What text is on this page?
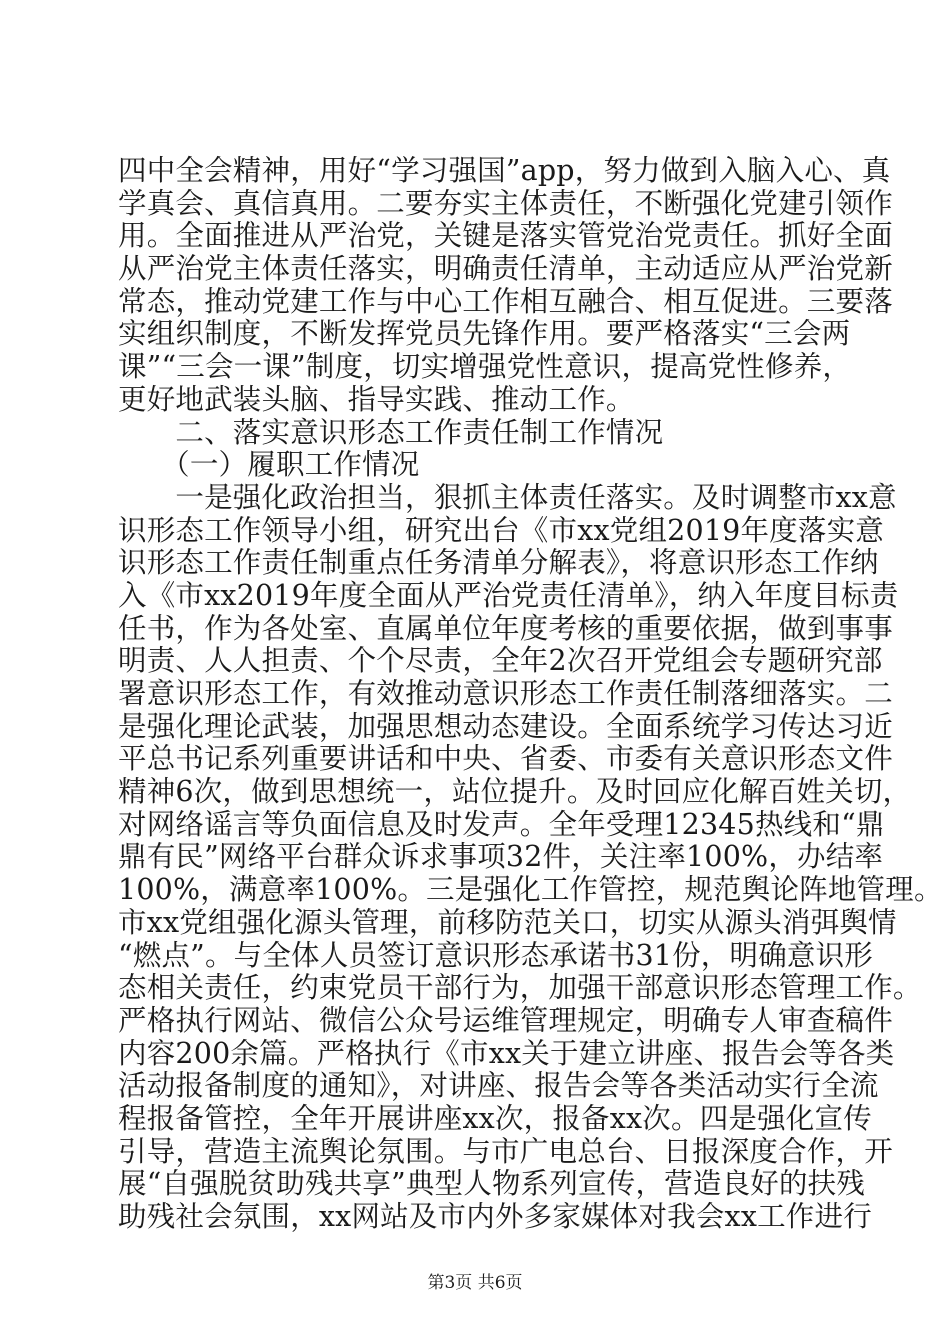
四中全会精神，用好“学习强国”app，努力做到入脑入心、真
学真会、真信真用。二要夯实主体责任，不断强化党建引领作
用。全面推进从严治党，关键是落实管党治党责任。抓好全面
从严治党主体责任落实，明确责任清单，主动适应从严治党新
常态，推动党建工作与中心工作相互融合、相互促进。三要落
实组织制度，不断发挥党员先锋作用。要严格落实“三会两
课”“三会一课”制度，切实增强党性意识，提高党性修养，
更好地武装头脑、指导实践、推动工作。
　　二、落实意识形态工作责任制工作情况
　　（一）履职工作情况
　　一是强化政治担当，狠抓主体责任落实。及时调整市xx意
识形态工作领导小组，研究出台《市xx党组2019年度落实意
识形态工作责任制重点任务清单分解表》，将意识形态工作纳
入《市xx2019年度全面从严治党责任清单》，纳入年度目标责
任书，作为各处室、直属单位年度考核的重要依据，做到事事
明责、人人担责、个个尽责，全年2次召开党组会专题研究部
署意识形态工作，有效推动意识形态工作责任制落细落实。二
是强化理论武装，加强思想动态建设。全面系统学习传达习近
平总书记系列重要讲话和中央、省委、市委有关意识形态文件
精神6次，做到思想统一，站位提升。及时回应化解百姓关切，
对网络谣言等负面信息及时发声。全年受理12345热线和“鼎
鼎有民”网络平台群众诉求事项32件，关注率100%，办结率
100%，满意率100%。三是强化工作管控，规范舆论阵地管理。
市xx党组强化源头管理，前移防范关口，切实从源头消弭舆情
“燃点”。与全体人员签订意识形态承诺书31份，明确意识形
态相关责任，约束党员干部行为，加强干部意识形态管理工作。
严格执行网站、微信公众号运维管理规定，明确专人审查稿件
内容200余篇。严格执行《市xx关于建立讲座、报告会等各类
活动报备制度的通知》，对讲座、报告会等各类活动实行全流
程报备管控，全年开展讲座xx次，报备xx次。四是强化宣传
引导，营造主流舆论氛围。与市广电总台、日报深度合作，开
展“自强脱贫助残共享”典型人物系列宣传，营造良好的扶残
助残社会氛围，xx网站及市内外多家媒体对我会xx工作进行
第3页 共6页
